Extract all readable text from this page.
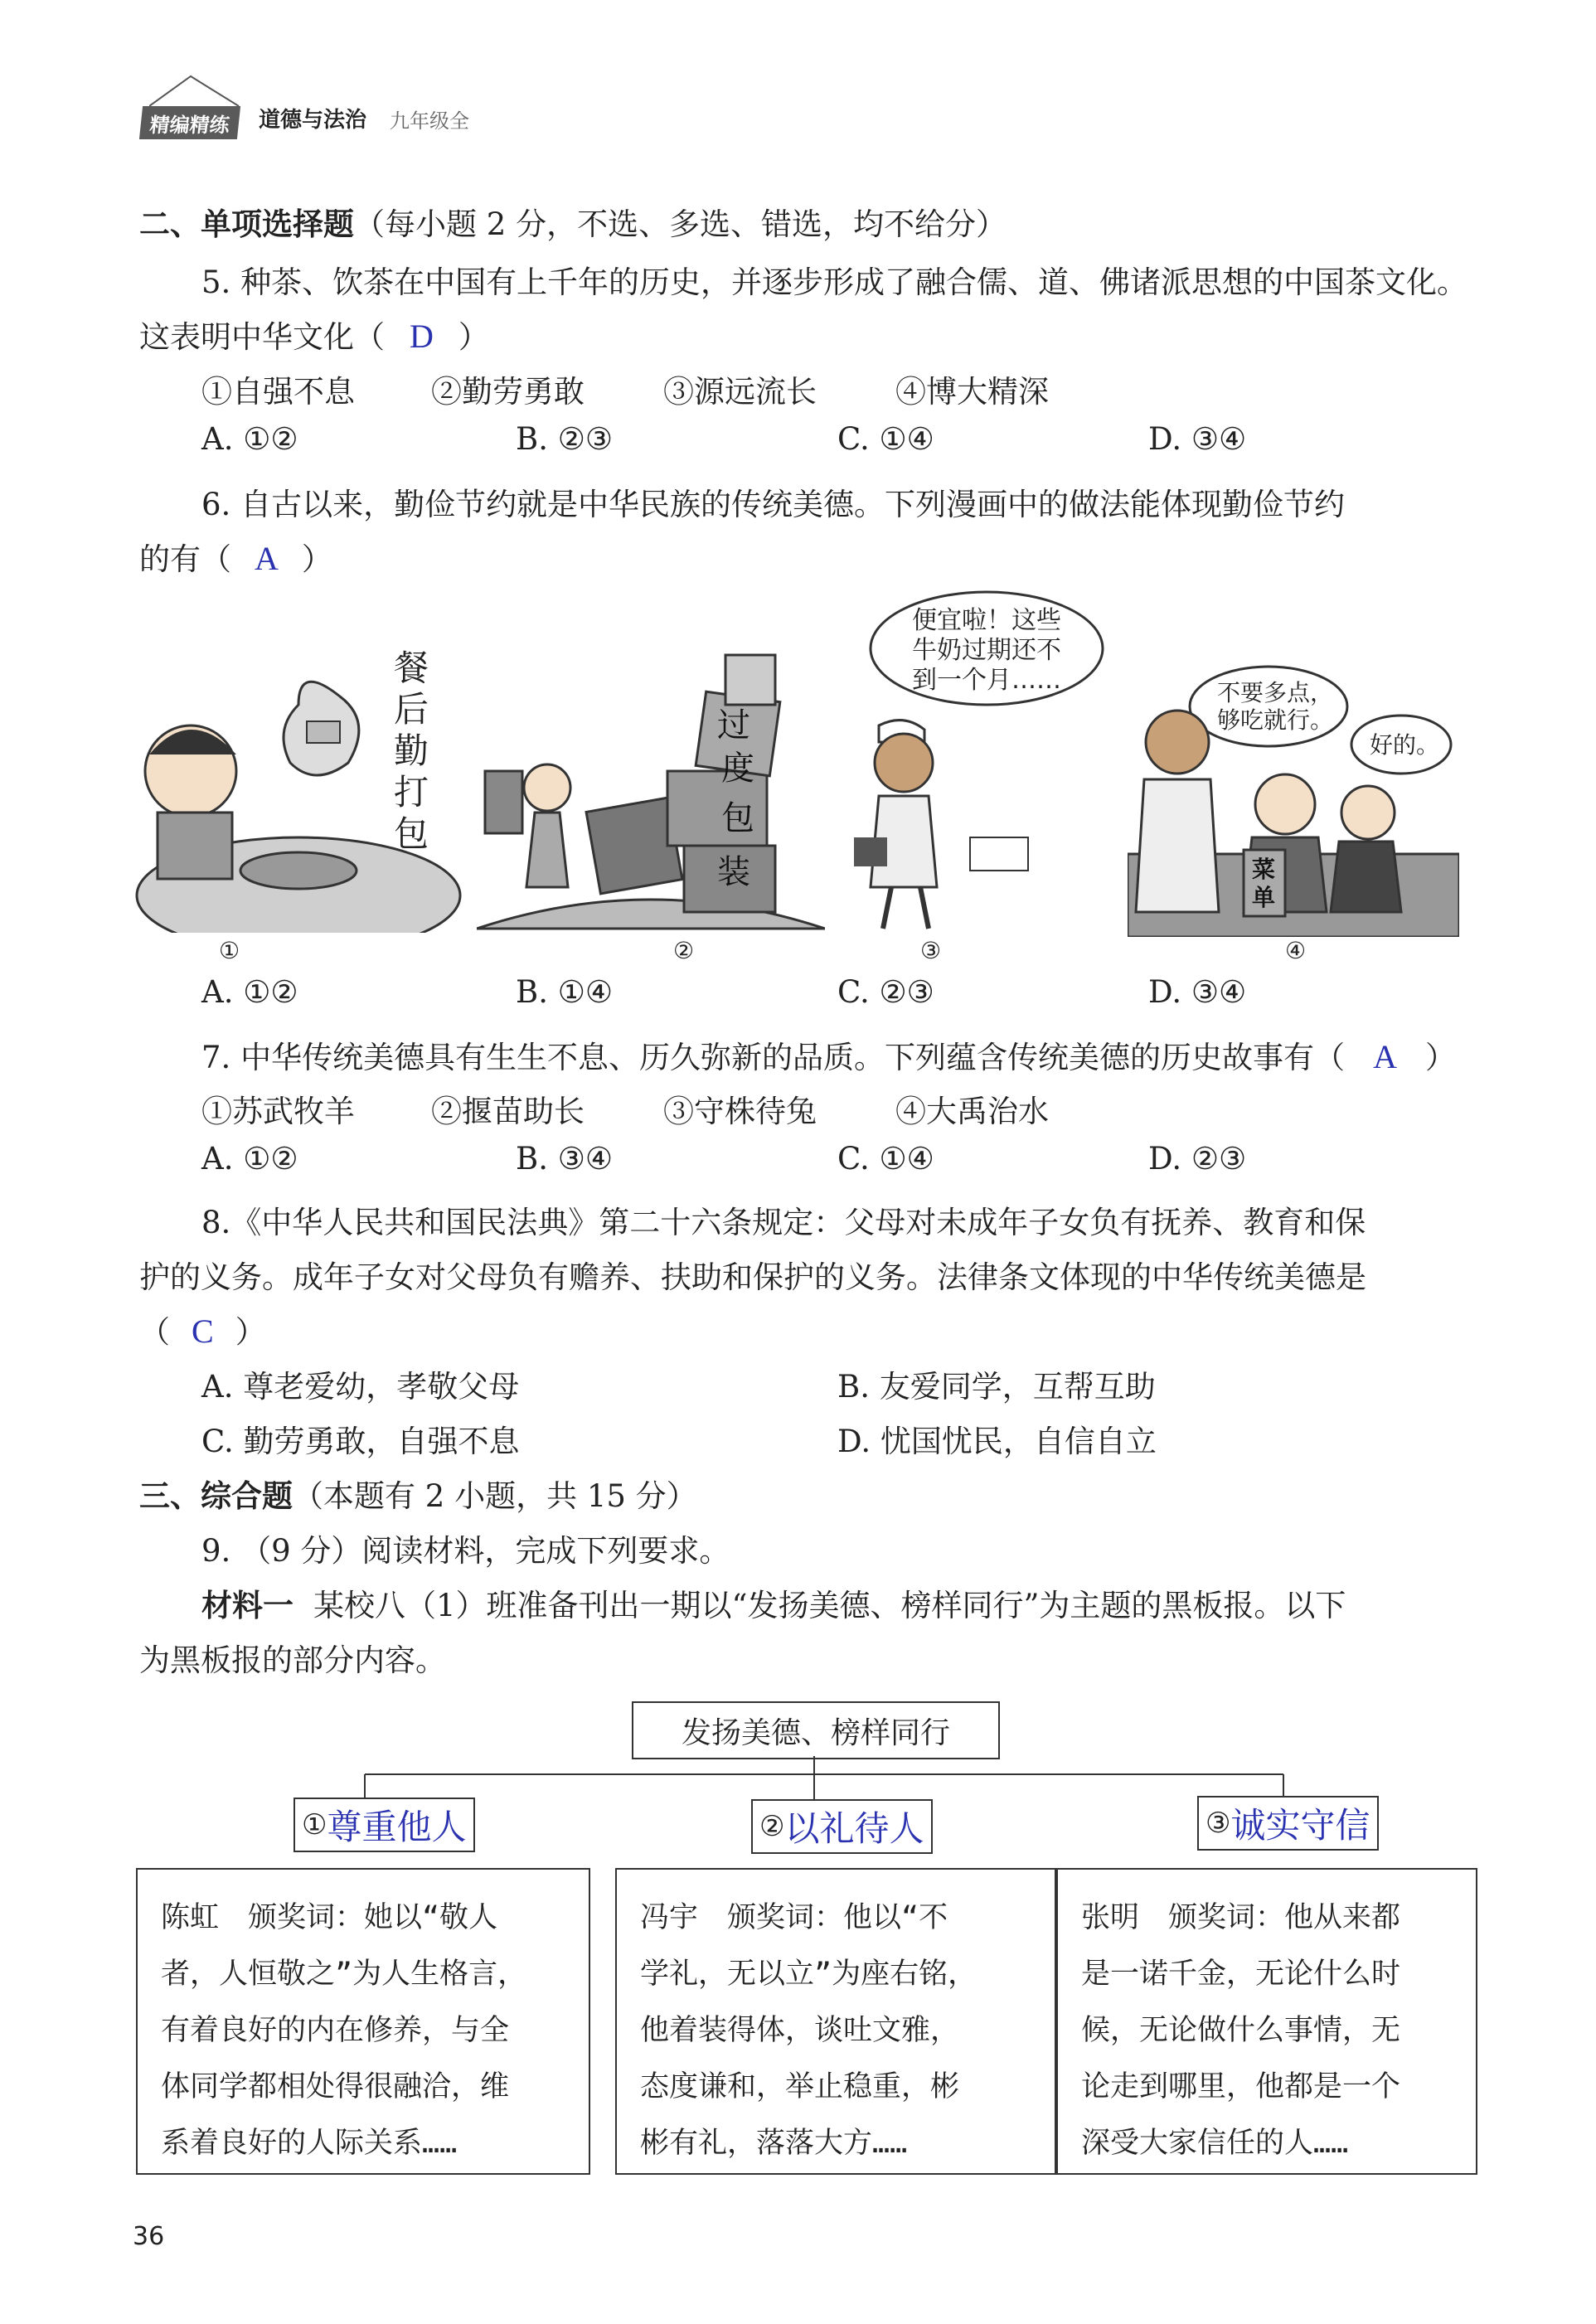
精编精练 道德与法治 九年级全
二、单项选择题（每小题 2 分，不选、多选、错选，均不给分）
5. 种茶、饮茶在中国有上千年的历史，并逐步形成了融合儒、道、佛诸派思想的中国茶文化。
这表明中华文化（ D ）
①自强不息 ②勤劳勇敢	③源远流长	④博大精深
A. ①②	B. ②③	C. ①④	D. ③④
6. 自古以来，勤俭节约就是中华民族的传统美德。下列漫画中的做法能体现勤俭节约
的有（ A ）
餐
后
勤
打
包
过
度
包
装
便宜啦！这些
牛奶过期还不
到一个月……	不要多点，
够吃就行。
好的。
菜
单
①	②	③	④
A. ①②	B. ①④	C. ②③	D. ③④
7. 中华传统美德具有生生不息、历久弥新的品质。下列蕴含传统美德的历史故事有（ A ）
①苏武牧羊 ②揠苗助长	③守株待兔	④大禹治水
A. ①②	B. ③④	C. ①④	D. ②③
8.《中华人民共和国民法典》第二十六条规定：父母对未成年子女负有抚养、教育和保
护的义务。成年子女对父母负有赡养、扶助和保护的义务。法律条文体现的中华传统美德是
（ C ）
A. 尊老爱幼，孝敬父母	B. 友爱同学，互帮互助
C. 勤劳勇敢，自强不息	D. 忧国忧民，自信自立
三、综合题（本题有 2 小题，共 15 分）
9. （9 分）阅读材料，完成下列要求。
材料一 某校八（1）班准备刊出一期以“发扬美德、榜样同行”为主题的黑板报。以下
为黑板报的部分内容。
发扬美德、榜样同行
① 尊重他人	② 以礼待人	③ 诚实守信
陈虹　颁奖词：她以“敬人
者，人恒敬之”为人生格言，
有着良好的内在修养，与全
体同学都相处得很融洽，维
系着良好的人际关系……
冯宇　颁奖词：他以“不
学礼，无以立”为座右铭，
他着装得体，谈吐文雅，
态度谦和，举止稳重，彬
彬有礼，落落大方……
张明　颁奖词：他从来都
是一诺千金，无论什么时
候，无论做什么事情，无
论走到哪里，他都是一个
深受大家信任的人……
36
